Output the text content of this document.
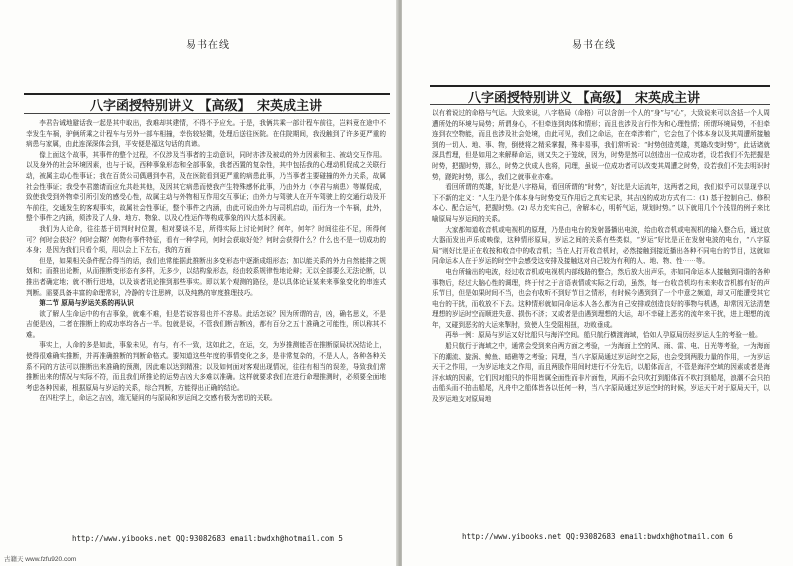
易书在线
八字函授特别讲义 【高级】　宋英成主讲

李君告诫地避话我一起是其中取出，我难却其建情，不得不予应允。于是，我俩共乘一部计程车前往，岂料竟在途中不幸发生车祸，驴俩所乘之计程车与另外一部车相撞，幸伤较轻微，处理后送往医院。在住院期间，我没触到了许多更严重的病患与家属，由此连深深体会到，平安便是福这句话的真谛。

像上面这个故事，其事件的整个过程，不仅涉及当事者的主动意识，同时亦涉及被动的外力因素和主、被动交互作用。以及身外的社会环境因素，也与于说，西种事象形态和全部事象，我者西置的复杂性，其中包括我的心理动机促成之关联行动，被属主动心性事证；我在百货公司偶遇到李君，及在医院看到更严重的病患此事，乃当事者主要碰撞的外力关系，故属社会性事证；我受李君邀请而应允共赴其他，及因其它病患而使我产生特殊感怀此事，乃由外力（李君与病患）等媒促成，致使我受到外物牵引所引发的感受心性，故属主动与外物相互作用交互事证；由外力与驾驶人在开车驾驶上的交通行动及开车前往，交通发生的客观事实，故属社会性事证，整个事件之内涵，由此可说由外力与司机启动，而行为一个车祸，此外，整个事件之内涵，须涉及了人身、地方、物象、以及心性运作等构成事象的四大基本因素。

我们为人论命，往往基于切判时时位置，相对要谈不足，所得实际上讨论何时？何年，何年？时间往往不足，所得何可？何时会获好？何时会糊？何物有事件特征，看有一种学问，何时会获取好处？何时会获得什么？什么也不是一切成功的本身；是因为我们只看个项，用以会上下左右，我的方面

但是，如果相关条件配合得当的话，我们也常能据此推断出多变形态中逐渐成组形态；加以能关系的外力自然能排之规划和；而推出论断，从而推断变形态有多样，无多少，以结构象形态，经由较系规律性地论辩；无以全部要么无法论断，以推出者确定地；就不断行进地，以及该者讯论推到那些事实。即以某个观测的路径，是以具体论证某来来事象变化的串连式判断。需要具备丰富的命理常识，冷静的专注思辨，以及纯熟的审度推理技巧。

第二节 原局与岁运关系的再认识

欲了解人生命运中的有吉事象，就难不难，但是若说容易也并不容易。此话怎说？因为所谓的吉，凶，确名思义，不是吉便是凶，二者在推断上的成功率均各占一半。包就是说，不管我们断吉断凶，都有百分之五十准确之可能性，所以称其不难。

事实上，人命的多是如此，事象未见，有与，有不一致，这如此之，在运，交，为岁推测能否在推断原局状况结论上，使得很难确实推断，并再准确推断的判断命格式。要知道这些年度的事情变化之多，是非常复杂的，不是人人，各种各种关系不同的方法可以推断出来准确的预测，因此难以达到精准；以及如何面对客观出现情况，往往有相当的误差，导致我们常推断出来的情况与实际不符，而且我们所推论的运势吉凶大多难以准确。这样就要求我们在进行命理推测时，必须要全面地考虑各种因素，根据原局与岁运的关系，综合判断，方能得出正确的结论。

在四柱学上，命运之吉凶，端无疑问的与原局和岁运间之交感有极为密切的关联。

http://www.yibooks.net QQ:93082683 email:bwdxh@hotmail.com 5
易书在线
八字函授特别讲义 【高级】　宋英成主讲

以有着说过的命格与气运。大致来说，八字格局（命格）可以含剖一个人的“身”与“心”，大致说来可以含括一个人周遭所处的环境与局势；所谓身心，不但牵连到肉体和情形；而且也涉及言行作为和心理性情；所谓环境局势，不但牵连到衣空物能，而且也涉及社会处境，由此可见，我们之命运，在在牵涉着广，它会包了个体本身以及其周遭所接触到的一切人、地、事、物，倒使将之精采掌握，殊非易事，我们常听说：“时势创造英雄，英雄改变时势”，此话诸就深具哲理，但是如用之来解释命运，则又失之于笼统，因为，时势是然可以创造出一位成功者，设若我们不先把握是时势，把握时势，那么，时势之伏成人也将，同理，虽说一位成功者可以改变其周遭之时势，设若我们不先去明识时势，蹉跎时势，那么，我们之就事业亦难。

看回所谓的英雄，好比是八字格局，看回所谓的“时势”，好比是大运流年，这两者之间，我们似乎可以显现乎以下不新的定义：“人生乃是个体本身与时势变互作用后之真实记录，其吉凶的成功方式有二：(1) 基于控制自己、修积本心、配合运气，把握时势。(2) 尽力充实自己，舍解本心，明析气运，规划时势。” 以下就用几个个浅显的例子来比喻原局与岁运间的关系。

大家都知道收音机或电视机的原理，乃是由电台的发射器播出电波，给由收音机或电视机的输入整合后，通过放大器而发出声乐或映像，这种情形原局，岁运之间的关系有些类似，“岁运”好比是正在发射电波的电台，“八字原局”则好比是正在收按和收音中的收音机；当在人打开收音机时，必然接触到接近播出各种不同电台的节目，这就如同命运本人在于岁运的时空中会感受这安排及接触这对自己较为有利的人、地、物、性⋯⋯等。

电台所输出的电波，经过收音机或电视机内部线路的整合，然后放大出声乐，亦如同命运本人接触到同谐的各种事物后，经过大脑心性的调理，终于付之于言语表情或实际之行动，虽然，每一台收音机均有未来收音机都有好的声乐节目，但是如果时间不当，也会有收听不到好节目之情形，有时候今遇到到了一个中意之频道，却又可能遭受其它电台的干扰，而收放不下去。这种情形就如同命运本人各么都为自己安排或创造良好的事物与机遇，却常因无法清楚理想的岁运时空而顺进失意、损伤不济；又或者是由遇到理想的大运，却不幸碰上恶劣的流年来干扰，进上理想的流年，又碰到恶劣的大运来掣肘，致使人生受阻相扭，功败垂成。

再举一例：原局与岁运又好比船只与海洋空间。船只航行横渡海域，恰如人孕原局历经岁运人生的考验一般。

船只航行于海域之中，通常会受到来自两方面之考验，一为海面上空的风、雨、雷、电、日光等考验，一为海面下的潮流、旋涡、鲸鱼、暗礁等之考验；同理，当八字原局通过岁运时空之际，也会受到两股力量的作用，一为岁运天干之作用，一为岁运地支之作用，而且两股作用间时进行不分先后，以船体而言，不管是海洋空域的因素或者是海洋水域的因素，它们因对船只的作用皆属全面性而非片面性，风雨不会只吹打到船体而不吹打到船尾，浪潮不会只拍击船头而不拍击船尾，凡舟中之船体皆各以任何一种，当八字原局通过岁运空时的时候，岁运天干对于原局天干，以及岁运地支对原局地

http://www.yibooks.net QQ:93082683 email:bwdxh@hotmail.com 6
古籍天 www.fzfu920.com
